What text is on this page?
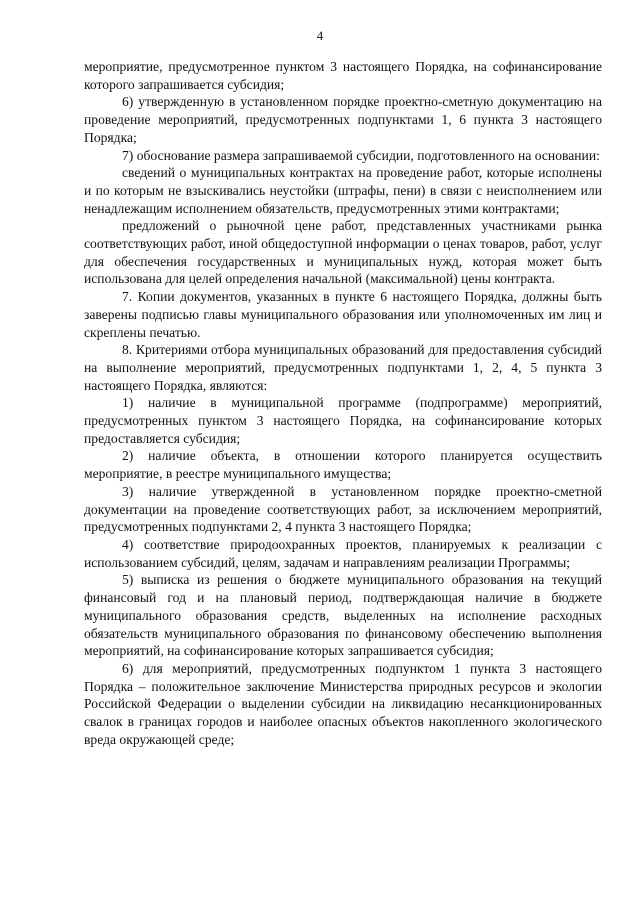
4

мероприятие, предусмотренное пунктом 3 настоящего Порядка, на софинансирование которого запрашивается субсидия;

6) утвержденную в установленном порядке проектно-сметную документацию на проведение мероприятий, предусмотренных подпунктами 1, 6 пункта 3 настоящего Порядка;

7) обоснование размера запрашиваемой субсидии, подготовленного на основании:

сведений о муниципальных контрактах на проведение работ, которые исполнены и по которым не взыскивались неустойки (штрафы, пени) в связи с неисполнением или ненадлежащим исполнением обязательств, предусмотренных этими контрактами;

предложений о рыночной цене работ, представленных участниками рынка соответствующих работ, иной общедоступной информации о ценах товаров, работ, услуг для обеспечения государственных и муниципальных нужд, которая может быть использована для целей определения начальной (максимальной) цены контракта.

7. Копии документов, указанных в пункте 6 настоящего Порядка, должны быть заверены подписью главы муниципального образования или уполномоченных им лиц и скреплены печатью.

8. Критериями отбора муниципальных образований для предоставления субсидий на выполнение мероприятий, предусмотренных подпунктами 1, 2, 4, 5 пункта 3 настоящего Порядка, являются:

1) наличие в муниципальной программе (подпрограмме) мероприятий, предусмотренных пунктом 3 настоящего Порядка, на софинансирование которых предоставляется субсидия;

2) наличие объекта, в отношении которого планируется осуществить мероприятие, в реестре муниципального имущества;

3) наличие утвержденной в установленном порядке проектно-сметной документации на проведение соответствующих работ, за исключением мероприятий, предусмотренных подпунктами 2, 4 пункта 3 настоящего Порядка;

4) соответствие природоохранных проектов, планируемых к реализации с использованием субсидий, целям, задачам и направлениям реализации Программы;

5) выписка из решения о бюджете муниципального образования на текущий финансовый год и на плановый период, подтверждающая наличие в бюджете муниципального образования средств, выделенных на исполнение расходных обязательств муниципального образования по финансовому обеспечению выполнения мероприятий, на софинансирование которых запрашивается субсидия;

6) для мероприятий, предусмотренных подпунктом 1 пункта 3 настоящего Порядка – положительное заключение Министерства природных ресурсов и экологии Российской Федерации о выделении субсидии на ликвидацию несанкционированных свалок в границах городов и наиболее опасных объектов накопленного экологического вреда окружающей среде;
